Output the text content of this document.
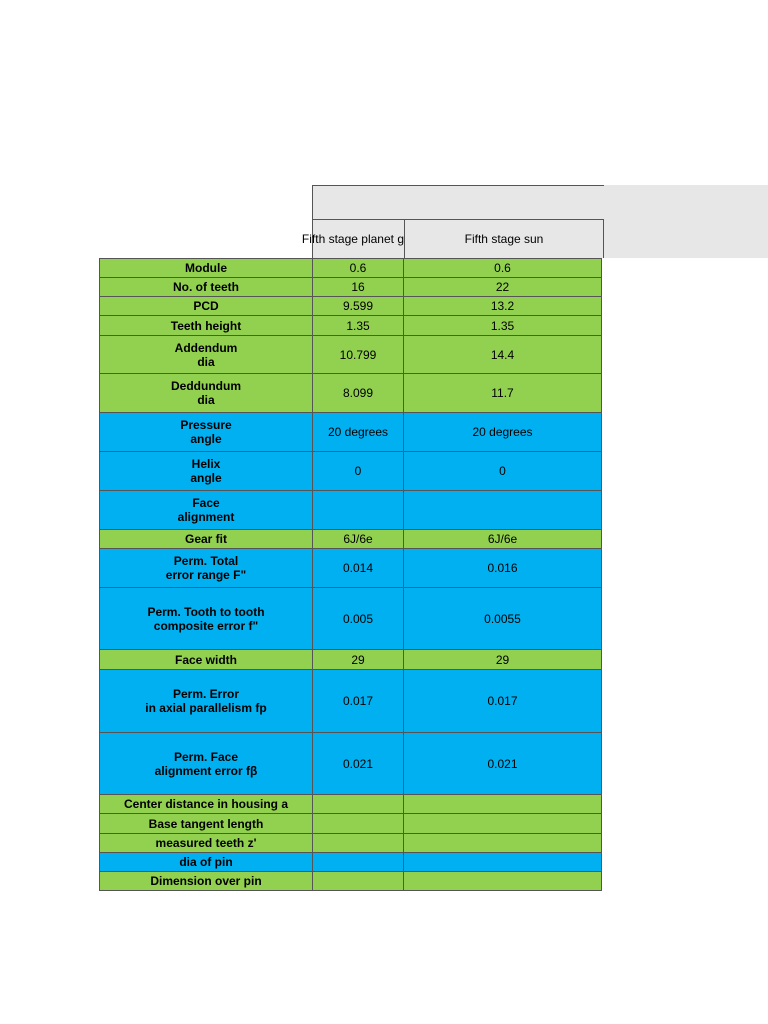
Fifth stage planet g	Fifth stage sun
Module	0.6	0.6

No. of teeth	16	22

PCD	9.599	13.2

Teeth height	1.35	1.35

Addendum
dia	10.799	14.4

Deddundum
dia	8.099	11.7

Pressure
angle	20 degrees	20 degrees

Helix
angle	0	0

Face
alignment		

Gear fit	6J/6e	6J/6e

Perm. Total
error range F"	0.014	0.016

Perm. Tooth to tooth
composite error f"	0.005	0.0055

Face width	29	29

Perm. Error
in axial parallelism fp	0.017	0.017

Perm. Face
alignment error fβ	0.021	0.021

Center distance in housing a		

Base tangent length		

measured teeth z'		

dia of pin		

Dimension over pin		
